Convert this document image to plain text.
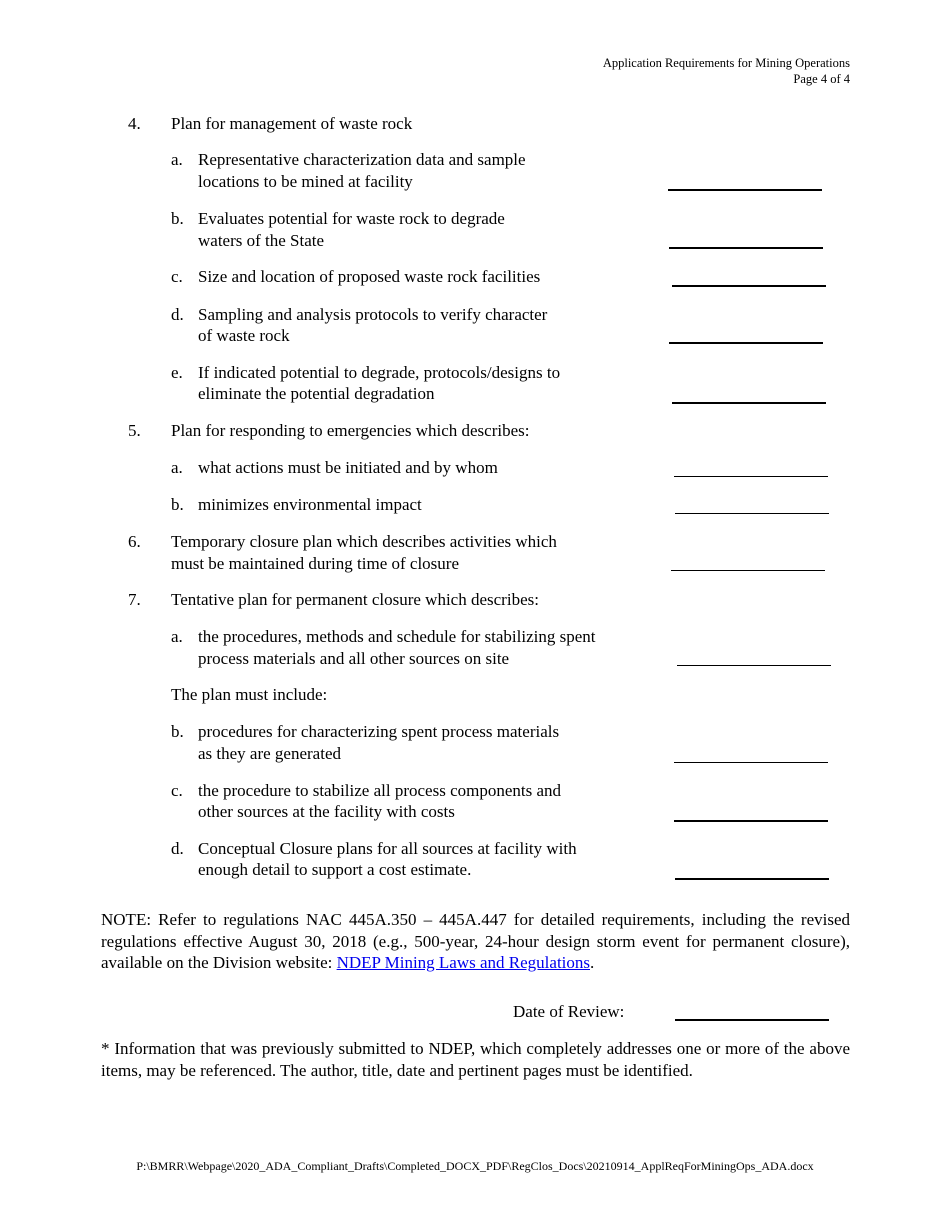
Application Requirements for Mining Operations
Page 4 of 4
4. Plan for management of waste rock
a. Representative characterization data and sample
locations to be mined at facility
b. Evaluates potential for waste rock to degrade
waters of the State
c. Size and location of proposed waste rock facilities
d. Sampling and analysis protocols to verify character
of waste rock
e. If indicated potential to degrade, protocols/designs to
eliminate the potential degradation
5. Plan for responding to emergencies which describes:
a. what actions must be initiated and by whom
b. minimizes environmental impact
6. Temporary closure plan which describes activities which
must be maintained during time of closure
7. Tentative plan for permanent closure which describes:
a. the procedures, methods and schedule for stabilizing spent
process materials and all other sources on site
The plan must include:
b. procedures for characterizing spent process materials
as they are generated
c. the procedure to stabilize all process components and
other sources at the facility with costs
d. Conceptual Closure plans for all sources at facility with
enough detail to support a cost estimate.
NOTE: Refer to regulations NAC 445A.350 – 445A.447 for detailed requirements, including the revised regulations effective August 30, 2018 (e.g., 500-year, 24-hour design storm event for permanent closure), available on the Division website: NDEP Mining Laws and Regulations.
Date of Review:
* Information that was previously submitted to NDEP, which completely addresses one or more of the above items, may be referenced. The author, title, date and pertinent pages must be identified.
P:\BMRR\Webpage\2020_ADA_Compliant_Drafts\Completed_DOCX_PDF\RegClos_Docs\20210914_ApplReqForMiningOps_ADA.docx
